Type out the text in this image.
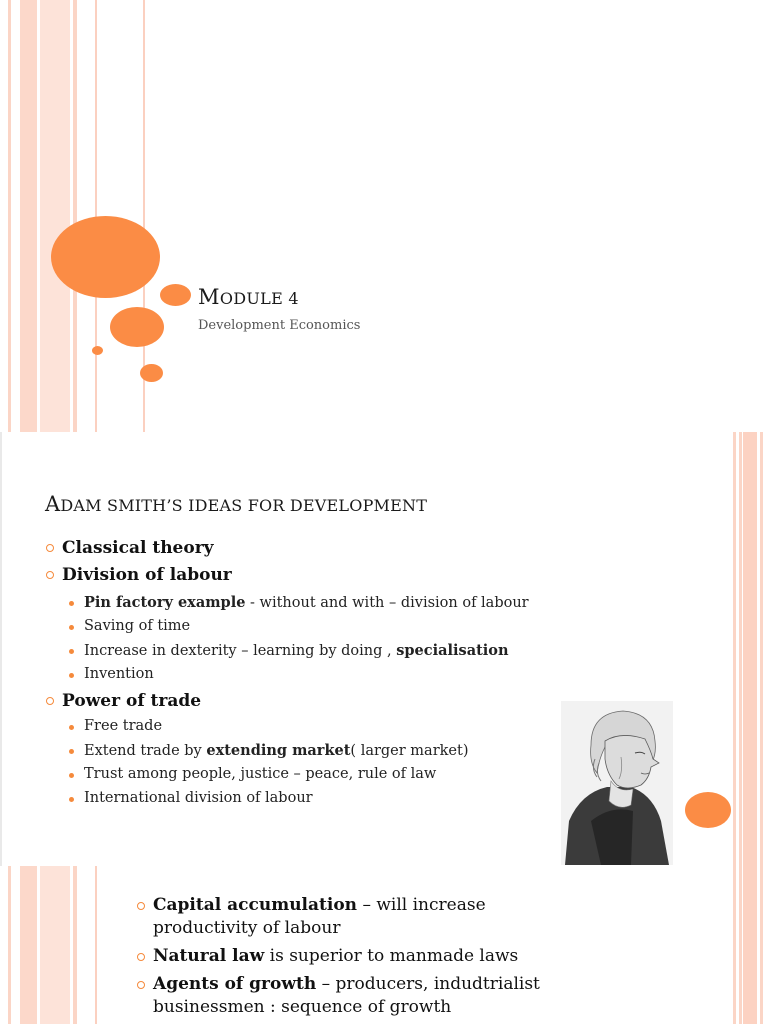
MODULE 4
Development Economics
ADAM SMITH’S IDEAS FOR DEVELOPMENT
Classical theory
Division of labour
Pin factory example - without and with – division of labour
Saving of time
Increase in dexterity – learning by doing , specialisation
Invention
Power of trade
Free trade
Extend trade by extending market( larger market)
Trust among people, justice – peace, rule of law
International division of labour
Capital accumulation – will increase productivity of labour
Natural law is superior to manmade laws
Agents of growth – producers, indudtrialist businessmen : sequence of growth
